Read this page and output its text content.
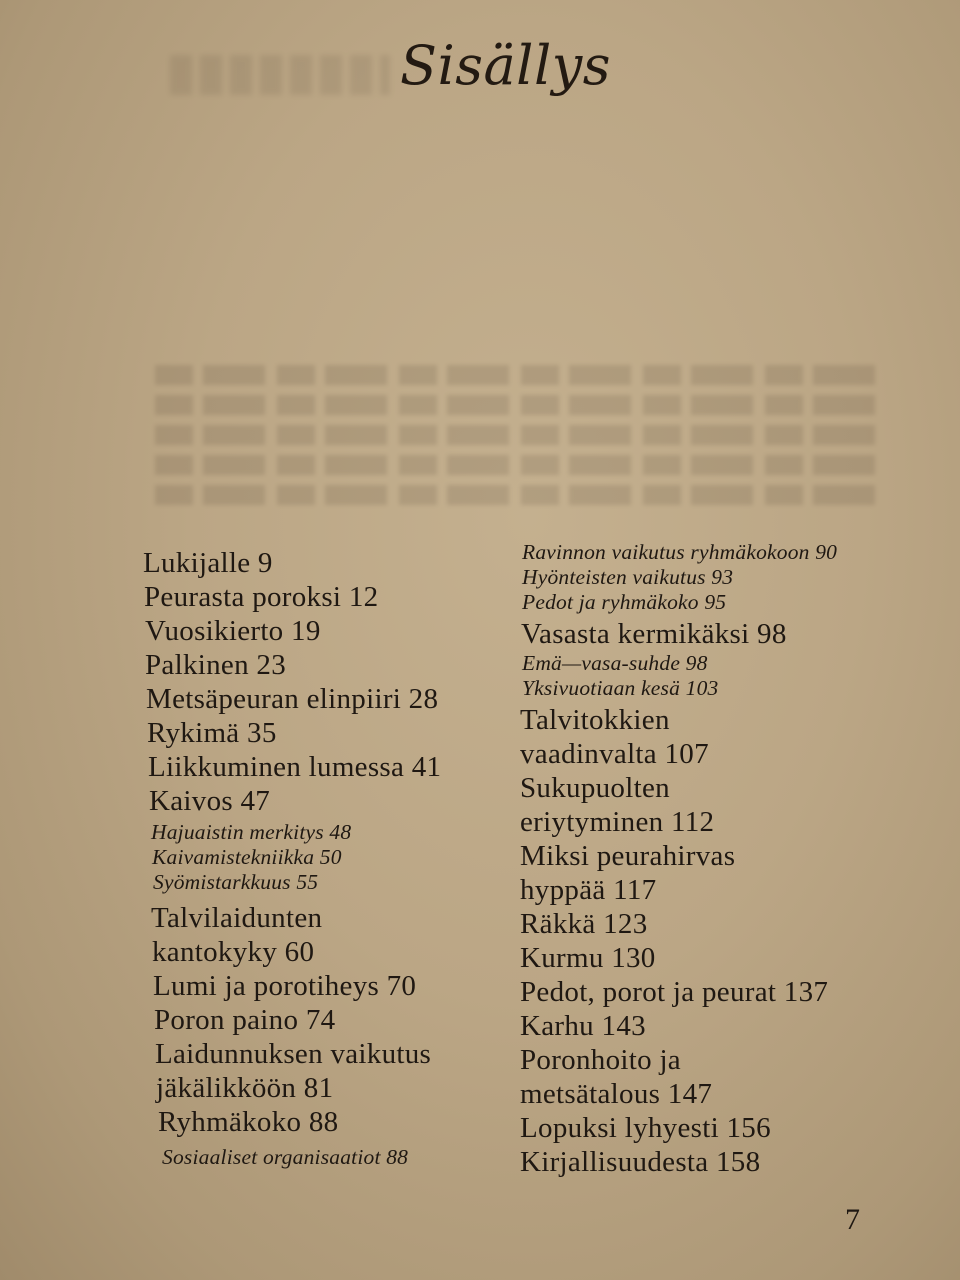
Sisällys
Lukijalle 9
Peurasta poroksi 12
Vuosikierto 19
Palkinen 23
Metsäpeuran elinpiiri 28
Rykimä 35
Liikkuminen lumessa 41
Kaivos 47
Hajuaistin merkitys 48
Kaivamistekniikka 50
Syömistarkkuus 55
Talvilaidunten
kantokyky 60
Lumi ja porotiheys 70
Poron paino 74
Laidunnuksen vaikutus
jäkälikköön 81
Ryhmäkoko 88
Sosiaaliset organisaatiot 88
Ravinnon vaikutus ryhmäkokoon 90
Hyönteisten vaikutus 93
Pedot ja ryhmäkoko 95
Vasasta kermikäksi 98
Emä—vasa-suhde 98
Yksivuotiaan kesä 103
Talvitokkien
vaadinvalta 107
Sukupuolten
eriytyminen 112
Miksi peurahirvas
hyppää 117
Räkkä 123
Kurmu 130
Pedot, porot ja peurat 137
Karhu 143
Poronhoito ja
metsätalous 147
Lopuksi lyhyesti 156
Kirjallisuudesta 158
7
